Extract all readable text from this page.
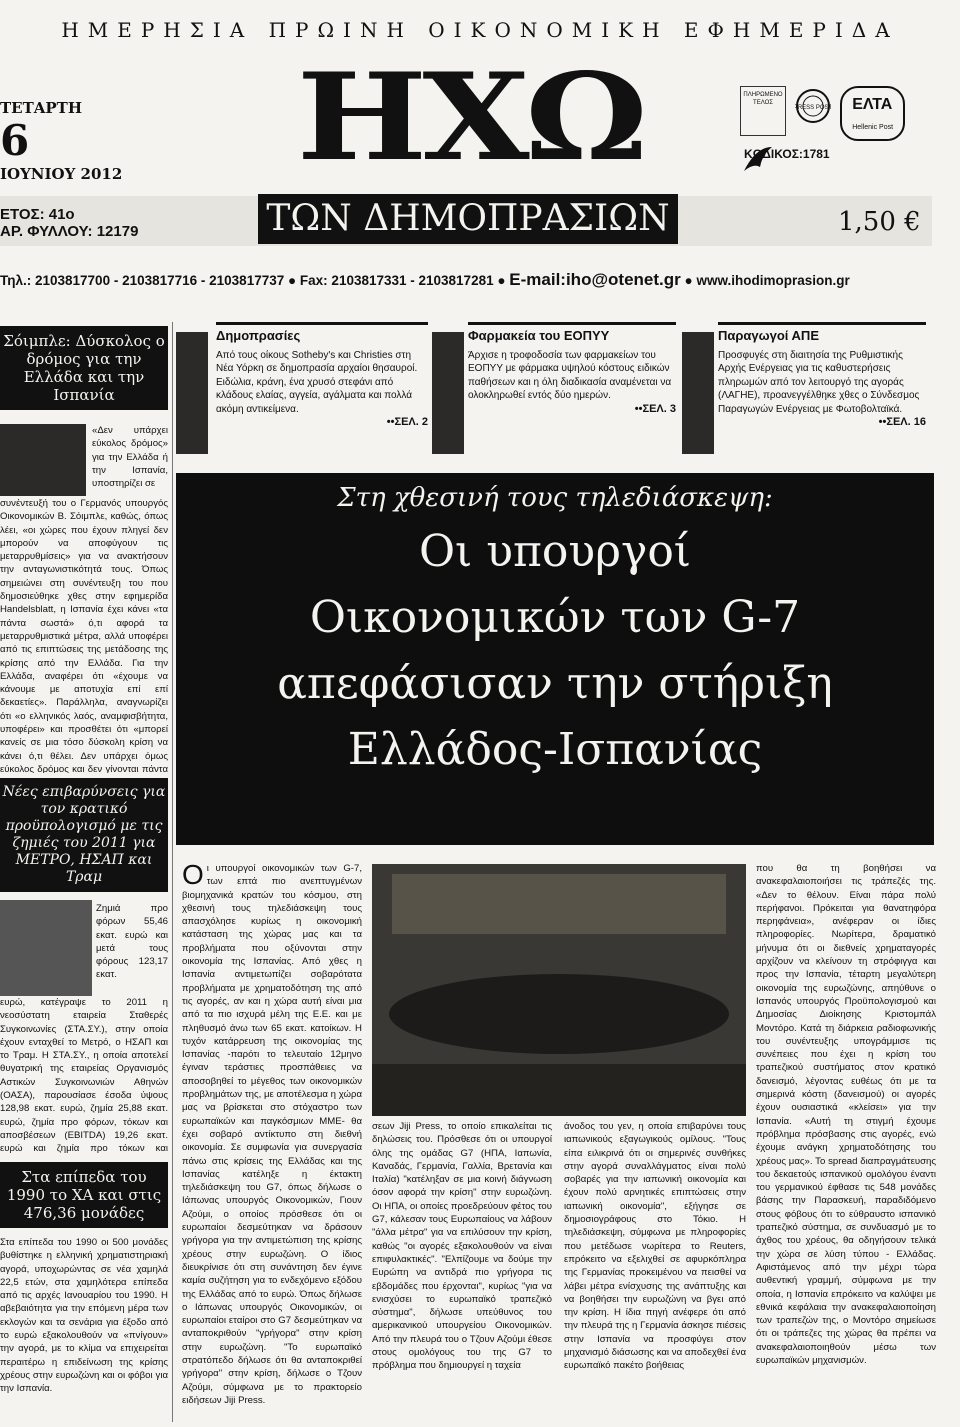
ΗΜΕΡΗΣΙΑ ΠΡΩΙΝΗ ΟΙΚΟΝΟΜΙΚΗ ΕΦΗΜΕΡΙΔΑ
ΤΕΤΑΡΤΗ
6
ΙΟΥΝΙΟΥ 2012 ΗΧΩ	ΠΛΗΡΩΜΕΝΟ ΤΕΛΟΣ
PRESS POST ΕΛΤΑ
Hellenic Post
ΚΩΔΙΚΟΣ:1781
ΕΤΟΣ: 41ο
ΑΡ. ΦΥΛΛΟΥ: 12179	ΤΩΝ ΔΗΜΟΠΡΑΣΙΩΝ	1,50 €
Τηλ.: 2103817700 - 2103817716 - 2103817737 ● Fax: 2103817331 - 2103817281 ● E-mail:iho@otenet.gr ● www.ihodimoprasion.gr
Δημοπρασίες
Από τους οίκους Sotheby's και Christies στη Νέα Υόρκη σε δημοπρασία αρχαίοι θησαυροί. Ειδώλια, κράνη, ένα χρυσό στεφάνι από κλάδους ελαίας, αγγεία, αγάλματα και πολλά ακόμη αντικείμενα.
••ΣΕΛ. 2
Φαρμακεία του ΕΟΠΥΥ
Άρχισε η τροφοδοσία των φαρμακείων του ΕΟΠΥΥ με φάρμακα υψηλού κόστους ειδικών παθήσεων και η όλη διαδικασία αναμένεται να ολοκληρωθεί εντός δύο ημερών.
••ΣΕΛ. 3
Παραγωγοί ΑΠΕ
Προσφυγές στη διαιτησία της Ρυθμιστικής Αρχής Ενέργειας για τις καθυστερήσεις πληρωμών από τον λειτουργό της αγοράς (ΛΑΓΗΕ), προανεγγέλθηκε χθες ο Σύνδεσμος Παραγωγών Ενέργειας με Φωτοβολταϊκά.
••ΣΕΛ. 16
Σόιμπλε: Δύσκολος ο δρόμος για την Ελλάδα και την Ισπανία
«Δεν υπάρχει εύκολος δρόμος» για την Ελλάδα ή την Ισπανία, υποστηρίζει σε
συνέντευξή του ο Γερμανός υπουργός Οικονομικών Β. Σόιμπλε, καθώς, όπως λέει, «οι χώρες που έχουν πληγεί δεν μπορούν να αποφύγουν τις μεταρρυθμίσεις» για να ανακτήσουν την ανταγωνιστικότητά τους. Όπως σημειώνει στη συνέντευξη του που δημοσιεύθηκε χθες στην εφημερίδα Handelsblatt, η Ισπανία έχει κάνει «τα πάντα σωστά» ό,τι αφορά τα μεταρρυθμιστικά μέτρα, αλλά υποφέρει από τις επιπτώσεις της μετάδοσης της κρίσης από την Ελλάδα. Για την Ελλάδα, αναφέρει ότι «έχουμε να κάνουμε με αποτυχία επί επί δεκαετίες». Παράλληλα, αναγνωρίζει ότι «ο ελληνικός λαός, αναμφισβήτητα, υποφέρει» και προσθέτει ότι «μπορεί κανείς σε μια τόσο δύσκολη κρίση να κάνει ό,τι θέλει. Δεν υπάρχει όμως εύκολος δρόμος και δεν γίνονται πάντα
Νέες επιβαρύνσεις για τον κρατικό προϋπολογισμό με τις ζημιές του 2011 για ΜΕΤΡΟ, ΗΣΑΠ και Τραμ
Ζημιά προ φόρων 55,46 εκατ. ευρώ και μετά τους φόρους 123,17 εκατ.
ευρώ, κατέγραψε το 2011 η νεοσύστατη εταιρεία Σταθερές Συγκοινωνίες (ΣΤΑ.ΣΥ.), στην οποία έχουν ενταχθεί το Μετρό, ο ΗΣΑΠ και το Τραμ. Η ΣΤΑ.ΣΥ., η οποία αποτελεί θυγατρική της εταιρείας Οργανισμός Αστικών Συγκοινωνιών Αθηνών (ΟΑΣΑ), παρουσίασε έσοδα ύψους 128,98 εκατ. ευρώ, ζημία 25,88 εκατ. ευρώ, ζημία προ φόρων, τόκων και αποσβέσεων (EBITDA) 19,26 εκατ. ευρώ και ζημία προ τόκων και
Στα επίπεδα του 1990 το ΧΑ και στις 476,36 μονάδες
Στα επίπεδα του 1990 οι 500 μονάδες βυθίστηκε η ελληνική χρηματιστηριακή αγορά, υποχωρώντας σε νέα χαμηλά 22,5 ετών, στα χαμηλότερα επίπεδα από τις αρχές Ιανουαρίου του 1990. Η αβεβαιότητα για την επόμενη μέρα των εκλογών και τα σενάρια για έξοδο από το ευρώ εξακολουθούν να «πνίγουν» την αγορά, με το κλίμα να επιχειρείται περαιτέρω η επιδείνωση της κρίσης χρέους στην ευρωζώνη και οι φόβοι για την Ισπανία.
Στη χθεσινή τους τηλεδιάσκεψη:
Οι υπουργοί
Οικονομικών των G-7
απεφάσισαν την στήριξη
Ελλάδος-Ισπανίας
Οι υπουργοί οικονομικών των G-7, των επτά πιο ανεπτυγμένων βιομηχανικά κρατών του κόσμου, στη χθεσινή τους τηλεδιάσκεψη τους απασχόλησε κυρίως η οικονομική κατάσταση της χώρας μας και τα προβλήματα που οξύνονται στην οικονομία της Ισπανίας. Από χθες η Ισπανία αντιμετωπίζει σοβαρότατα προβλήματα με χρηματοδότηση της από τις αγορές, αν και η χώρα αυτή είναι μια από τα πιο ισχυρά μέλη της Ε.Ε. και με πληθυσμό άνω των 65 εκατ. κατοίκων. Η τυχόν κατάρρευση της οικονομίας της Ισπανίας -παρότι το τελευταίο 12μηνο έγιναν τεράστιες προσπάθειες να αποσοβηθεί το μέγεθος των οικονομικών προβλημάτων της, με αποτέλεσμα η χώρα μας να βρίσκεται στο στόχαστρο των ευρωπαϊκών και παγκόσμιων ΜΜΕ- θα έχει σοβαρό αντίκτυπο στη διεθνή οικονομία. Σε συμφωνία για συνεργασία πάνω στις κρίσεις της Ελλάδας και της Ισπανίας κατέληξε η έκτακτη τηλεδιάσκεψη του G7, όπως δήλωσε ο Ιάπωνας υπουργός Οικονομικών, Γιουν Αζούμι, ο οποίος πρόσθεσε ότι οι ευρωπαίοι δεσμεύτηκαν να δράσουν γρήγορα για την αντιμετώπιση της κρίσης χρέους στην ευρωζώνη. Ο ίδιος διευκρίνισε ότι στη συνάντηση δεν έγινε καμία συζήτηση για το ενδεχόμενο εξόδου της Ελλάδας από το ευρώ. Όπως δήλωσε ο Ιάπωνας υπουργός Οικονομικών, οι ευρωπαίοι εταίροι στο G7 δεσμεύτηκαν να ανταποκριθούν "γρήγορα" στην κρίση στην ευρωζώνη. "Το ευρωπαϊκό στρατόπεδο δήλωσε ότι θα ανταποκριθεί γρήγορα" στην κρίση, δήλωσε ο Τζουν Αζούμι, σύμφωνα με το πρακτορείο ειδήσεων Jiji Press.
σεων Jiji Press, το οποίο επικαλείται τις δηλώσεις του. Πρόσθεσε ότι οι υπουργοί όλης της ομάδας G7 (ΗΠΑ, Ιαπωνία, Καναδάς, Γερμανία, Γαλλία, Βρετανία και Ιταλία) "κατέληξαν σε μια κοινή διάγνωση όσον αφορά την κρίση" στην ευρωζώνη. Οι ΗΠΑ, οι οποίες προεδρεύουν φέτος του G7, κάλεσαν τους Ευρωπαίους να λάβουν "άλλα μέτρα" για να επιλύσουν την κρίση, καθώς "οι αγορές εξακολουθούν να είναι επιφυλακτικές". "Ελπίζουμε να δούμε την Ευρώπη να αντιδρά πιο γρήγορα τις εβδομάδες που έρχονται", κυρίως "για να ενισχύσει το ευρωπαϊκό τραπεζικό σύστημα", δήλωσε υπεύθυνος του αμερικανικού υπουργείου Οικονομικών. Από την πλευρά του ο Τζουν Αζούμι έθεσε στους ομολόγους του της G7 το πρόβλημα που δημιουργεί η ταχεία
άνοδος του γεν, η οποία επιβαρύνει τους ιαπωνικούς εξαγωγικούς ομίλους. "Τους είπα ειλικρινά ότι οι σημερινές συνθήκες στην αγορά συναλλάγματος είναι πολύ σοβαρές για την ιαπωνική οικονομία και έχουν πολύ αρνητικές επιπτώσεις στην ιαπωνική οικονομία", εξήγησε σε δημοσιογράφους στο Τόκιο. Η τηλεδιάσκεψη, σύμφωνα με πληροφορίες που μετέδωσε νωρίτερα το Reuters, επρόκειτο να εξελιχθεί σε αφυρκόπληρα της Γερμανίας προκειμένου να πεισθεί να λάβει μέτρα ενίσχυσης της ανάπτυξης και να βοηθήσει την ευρωζώνη να βγει από την κρίση. Η ίδια πηγή ανέφερε ότι από την πλευρά της η Γερμανία άσκησε πιέσεις στην Ισπανία να προσφύγει στον μηχανισμό διάσωσης και να αποδεχθεί ένα ευρωπαϊκό πακέτο βοήθειας
που θα τη βοηθήσει να ανακεφαλαιοποιήσει τις τράπεζές της. «Δεν το θέλουν. Είναι πάρα πολύ περήφανοι. Πρόκειται για θανατηφόρα περηφάνεια», ανέφεραν οι ίδιες πληροφορίες. Νωρίτερα, δραματικό μήνυμα ότι οι διεθνείς χρηματαγορές αρχίζουν να κλείνουν τη στρόφιγγα και προς την Ισπανία, τέταρτη μεγαλύτερη οικονομία της ευρωζώνης, απηύθυνε ο Ισπανός υπουργός Προϋπολογισμού και Δημοσίας Διοίκησης Κριστομπάλ Μοντόρο. Κατά τη διάρκεια ραδιοφωνικής του συνέντευξης υπογράμμισε τις συνέπειες που έχει η κρίση του τραπεζικού συστήματος στον κρατικό δανεισμό, λέγοντας ευθέως ότι με τα σημερινά κόστη (δανεισμού) οι αγορές έχουν ουσιαστικά «κλείσει» για την Ισπανία. «Αυτή τη στιγμή έχουμε πρόβλημα πρόσβασης στις αγορές, ενώ έχουμε ανάγκη χρηματοδότησης του χρέους μας». Το spread διαπραγμάτευσης του δεκαετούς ισπανικού ομολόγου έναντι του γερμανικού έφθασε τις 548 μονάδες βάσης την Παρασκευή, παραδιδόμενο στους φόβους ότι το εύθραυστο ισπανικό τραπεζικό σύστημα, σε συνδυασμό με το άχθος του χρέους, θα οδηγήσουν τελικά την χώρα σε λύση τύπου - Ελλάδας. Αφιστάμενος από την μέχρι τώρα αυθεντική γραμμή, σύμφωνα με την οποία, η Ισπανία επρόκειτο να καλύψει με εθνικά κεφάλαια την ανακεφαλαιοποίηση των τραπεζών της, ο Μοντόρο σημείωσε ότι οι τράπεζες της χώρας θα πρέπει να ανακεφαλαιοποιηθούν μέσω των ευρωπαϊκών μηχανισμών.
